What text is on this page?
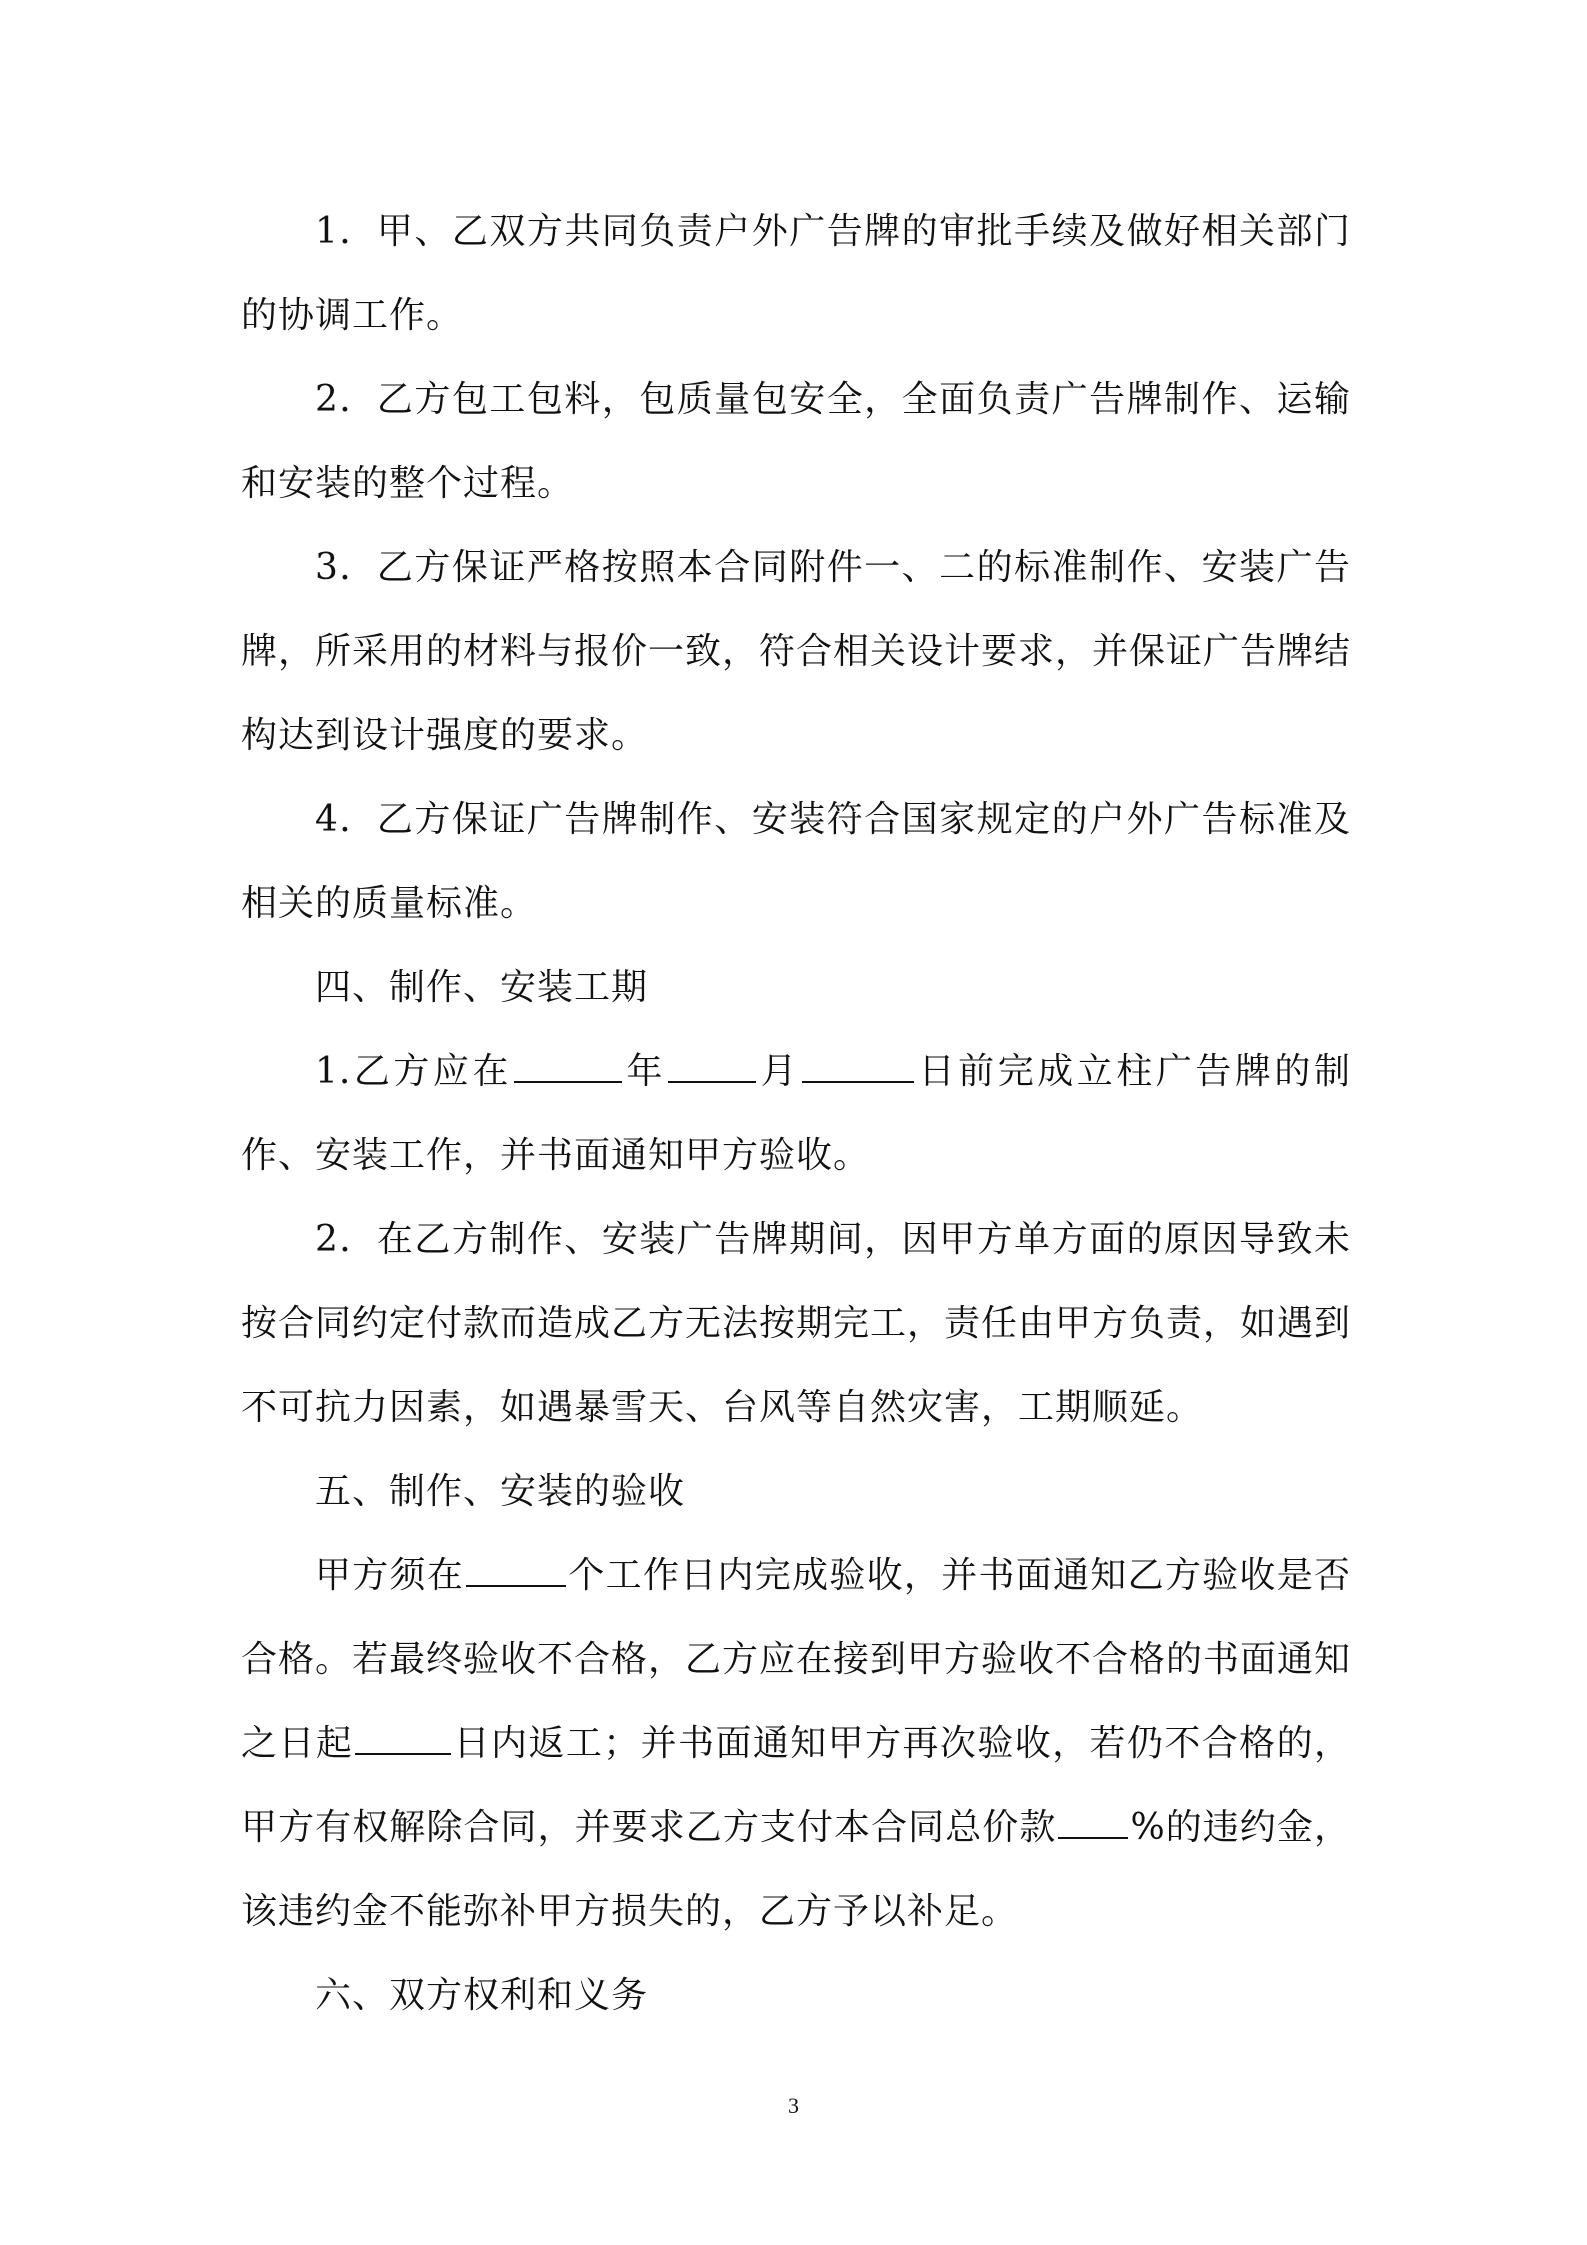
1．甲、乙双方共同负责户外广告牌的审批手续及做好相关部门的协调工作。

2．乙方包工包料，包质量包安全，全面负责广告牌制作、运输和安装的整个过程。

3．乙方保证严格按照本合同附件一、二的标准制作、安装广告牌，所采用的材料与报价一致，符合相关设计要求，并保证广告牌结构达到设计强度的要求。

4．乙方保证广告牌制作、安装符合国家规定的户外广告标准及相关的质量标准。

四、制作、安装工期

1.乙方应在	年	月	日前完成立柱广告牌的制作、安装工作，并书面通知甲方验收。

2．在乙方制作、安装广告牌期间，因甲方单方面的原因导致未按合同约定付款而造成乙方无法按期完工，责任由甲方负责，如遇到不可抗力因素，如遇暴雪天、台风等自然灾害，工期顺延。

五、制作、安装的验收

甲方须在	个工作日内完成验收，并书面通知乙方验收是否合格。若最终验收不合格，乙方应在接到甲方验收不合格的书面通知之日起	日内返工；并书面通知甲方再次验收，若仍不合格的，甲方有权解除合同，并要求乙方支付本合同总价款 %的违约金，该违约金不能弥补甲方损失的，乙方予以补足。

六、双方权利和义务

3
